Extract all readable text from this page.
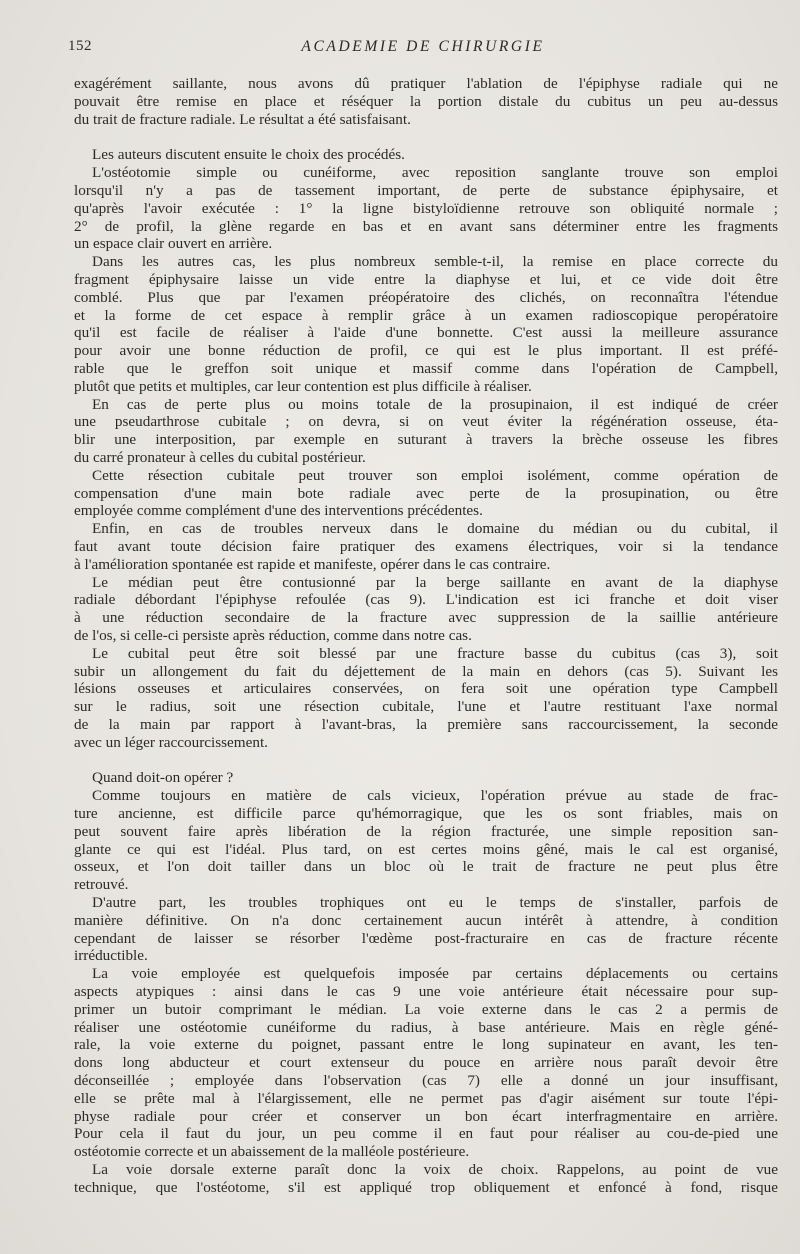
152	ACADEMIE DE CHIRURGIE
exagérément saillante, nous avons dû pratiquer l'ablation de l'épiphyse radiale qui ne
pouvait être remise en place et réséquer la portion distale du cubitus un peu au-dessus
du trait de fracture radiale. Le résultat a été satisfaisant.
Les auteurs discutent ensuite le choix des procédés.
L'ostéotomie simple ou cunéiforme, avec reposition sanglante trouve son emploi
lorsqu'il n'y a pas de tassement important, de perte de substance épiphysaire, et
qu'après l'avoir exécutée : 1° la ligne bistyloïdienne retrouve son obliquité normale ;
2° de profil, la glène regarde en bas et en avant sans déterminer entre les fragments
un espace clair ouvert en arrière.
Dans les autres cas, les plus nombreux semble-t-il, la remise en place correcte du
fragment épiphysaire laisse un vide entre la diaphyse et lui, et ce vide doit être
comblé. Plus que par l'examen préopératoire des clichés, on reconnaîtra l'étendue
et la forme de cet espace à remplir grâce à un examen radioscopique peropératoire
qu'il est facile de réaliser à l'aide d'une bonnette. C'est aussi la meilleure assurance
pour avoir une bonne réduction de profil, ce qui est le plus important. Il est préfé-
rable que le greffon soit unique et massif comme dans l'opération de Campbell,
plutôt que petits et multiples, car leur contention est plus difficile à réaliser.
En cas de perte plus ou moins totale de la prosupinaion, il est indiqué de créer
une pseudarthrose cubitale ; on devra, si on veut éviter la régénération osseuse, éta-
blir une interposition, par exemple en suturant à travers la brèche osseuse les fibres
du carré pronateur à celles du cubital postérieur.
Cette résection cubitale peut trouver son emploi isolément, comme opération de
compensation d'une main bote radiale avec perte de la prosupination, ou être
employée comme complément d'une des interventions précédentes.
Enfin, en cas de troubles nerveux dans le domaine du médian ou du cubital, il
faut avant toute décision faire pratiquer des examens électriques, voir si la tendance
à l'amélioration spontanée est rapide et manifeste, opérer dans le cas contraire.
Le médian peut être contusionné par la berge saillante en avant de la diaphyse
radiale débordant l'épiphyse refoulée (cas 9). L'indication est ici franche et doit viser
à une réduction secondaire de la fracture avec suppression de la saillie antérieure
de l'os, si celle-ci persiste après réduction, comme dans notre cas.
Le cubital peut être soit blessé par une fracture basse du cubitus (cas 3), soit
subir un allongement du fait du déjettement de la main en dehors (cas 5). Suivant les
lésions osseuses et articulaires conservées, on fera soit une opération type Campbell
sur le radius, soit une résection cubitale, l'une et l'autre restituant l'axe normal
de la main par rapport à l'avant-bras, la première sans raccourcissement, la seconde
avec un léger raccourcissement.
Quand doit-on opérer ?
Comme toujours en matière de cals vicieux, l'opération prévue au stade de frac-
ture ancienne, est difficile parce qu'hémorragique, que les os sont friables, mais on
peut souvent faire après libération de la région fracturée, une simple reposition san-
glante ce qui est l'idéal. Plus tard, on est certes moins gêné, mais le cal est organisé,
osseux, et l'on doit tailler dans un bloc où le trait de fracture ne peut plus être
retrouvé.
D'autre part, les troubles trophiques ont eu le temps de s'installer, parfois de
manière définitive. On n'a donc certainement aucun intérêt à attendre, à condition
cependant de laisser se résorber l'œdème post-fracturaire en cas de fracture récente
irréductible.
La voie employée est quelquefois imposée par certains déplacements ou certains
aspects atypiques : ainsi dans le cas 9 une voie antérieure était nécessaire pour sup-
primer un butoir comprimant le médian. La voie externe dans le cas 2 a permis de
réaliser une ostéotomie cunéiforme du radius, à base antérieure. Mais en règle géné-
rale, la voie externe du poignet, passant entre le long supinateur en avant, les ten-
dons long abducteur et court extenseur du pouce en arrière nous paraît devoir être
déconseillée ; employée dans l'observation (cas 7) elle a donné un jour insuffisant,
elle se prête mal à l'élargissement, elle ne permet pas d'agir aisément sur toute l'épi-
physe radiale pour créer et conserver un bon écart interfragmentaire en arrière.
Pour cela il faut du jour, un peu comme il en faut pour réaliser au cou-de-pied une
ostéotomie correcte et un abaissement de la malléole postérieure.
La voie dorsale externe paraît donc la voix de choix. Rappelons, au point de vue
technique, que l'ostéotome, s'il est appliqué trop obliquement et enfoncé à fond, risque
